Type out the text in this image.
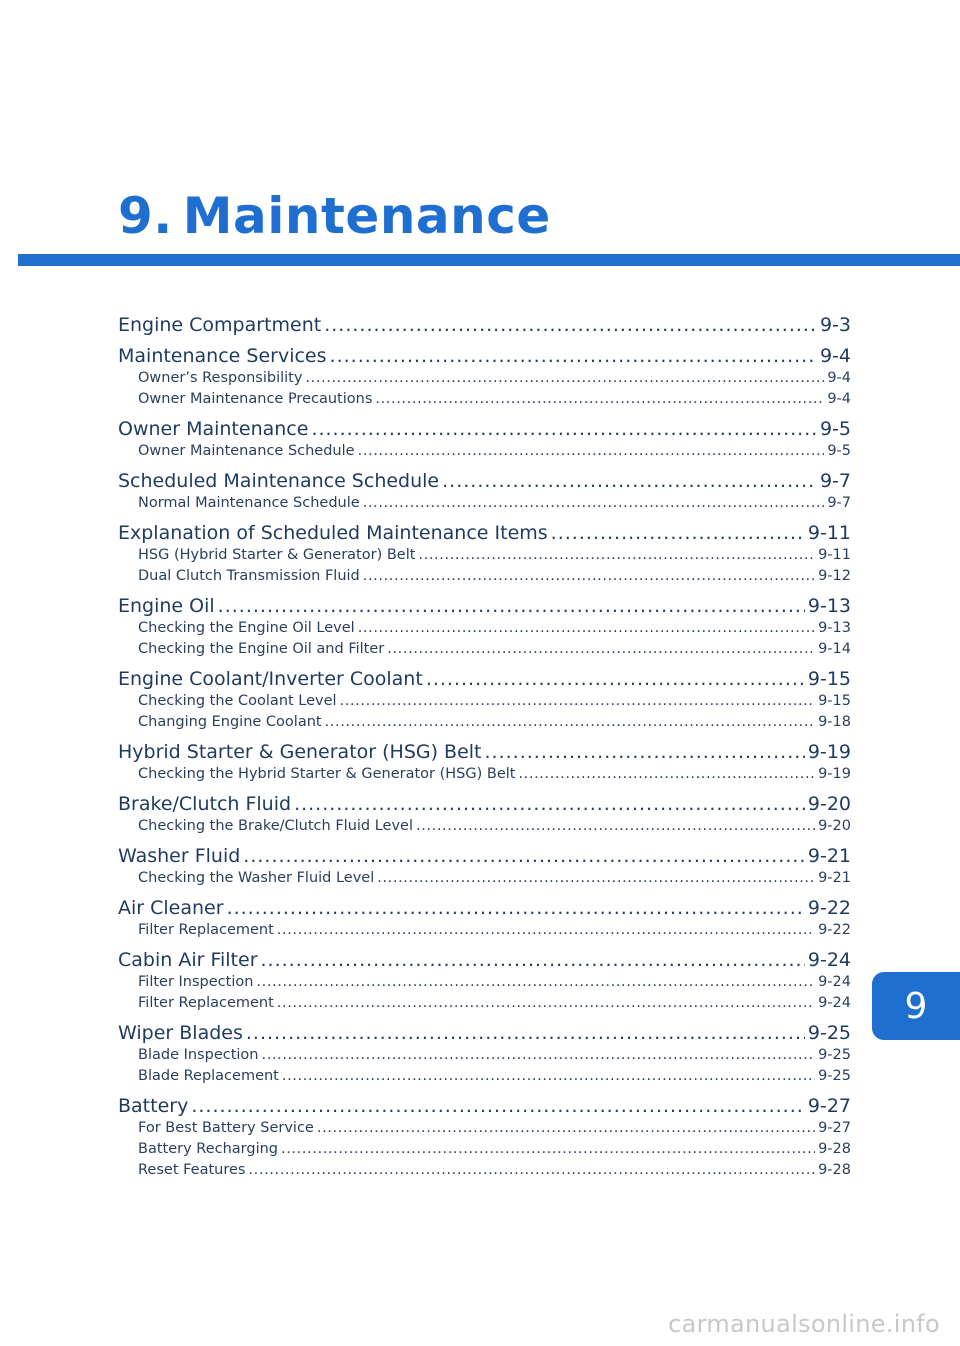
9. Maintenance
Engine Compartment .....	9-3
Maintenance Services .....	9-4
Owner’s Responsibility .....	9-4
Owner Maintenance Precautions .....	9-4
Owner Maintenance .....	9-5
Owner Maintenance Schedule .....	9-5
Scheduled Maintenance Schedule .....	9-7
Normal Maintenance Schedule .....	9-7
Explanation of Scheduled Maintenance Items .....	9-11
HSG (Hybrid Starter & Generator) Belt .....	9-11
Dual Clutch Transmission Fluid .....	9-12
Engine Oil .....	9-13
Checking the Engine Oil Level .....	9-13
Checking the Engine Oil and Filter .....	9-14
Engine Coolant/Inverter Coolant .....	9-15
Checking the Coolant Level .....	9-15
Changing Engine Coolant .....	9-18
Hybrid Starter & Generator (HSG) Belt .....	9-19
Checking the Hybrid Starter & Generator (HSG) Belt .....	9-19
Brake/Clutch Fluid .....	9-20
Checking the Brake/Clutch Fluid Level .....	9-20
Washer Fluid .....	9-21
Checking the Washer Fluid Level .....	9-21
Air Cleaner .....	9-22
Filter Replacement .....	9-22
Cabin Air Filter .....	9-24
Filter Inspection .....	9-24
Filter Replacement .....	9-24
Wiper Blades .....	9-25
Blade Inspection .....	9-25
Blade Replacement .....	9-25
Battery .....	9-27
For Best Battery Service .....	9-27
Battery Recharging .....	9-28
Reset Features .....	9-28
9
carmanualsonline.info
